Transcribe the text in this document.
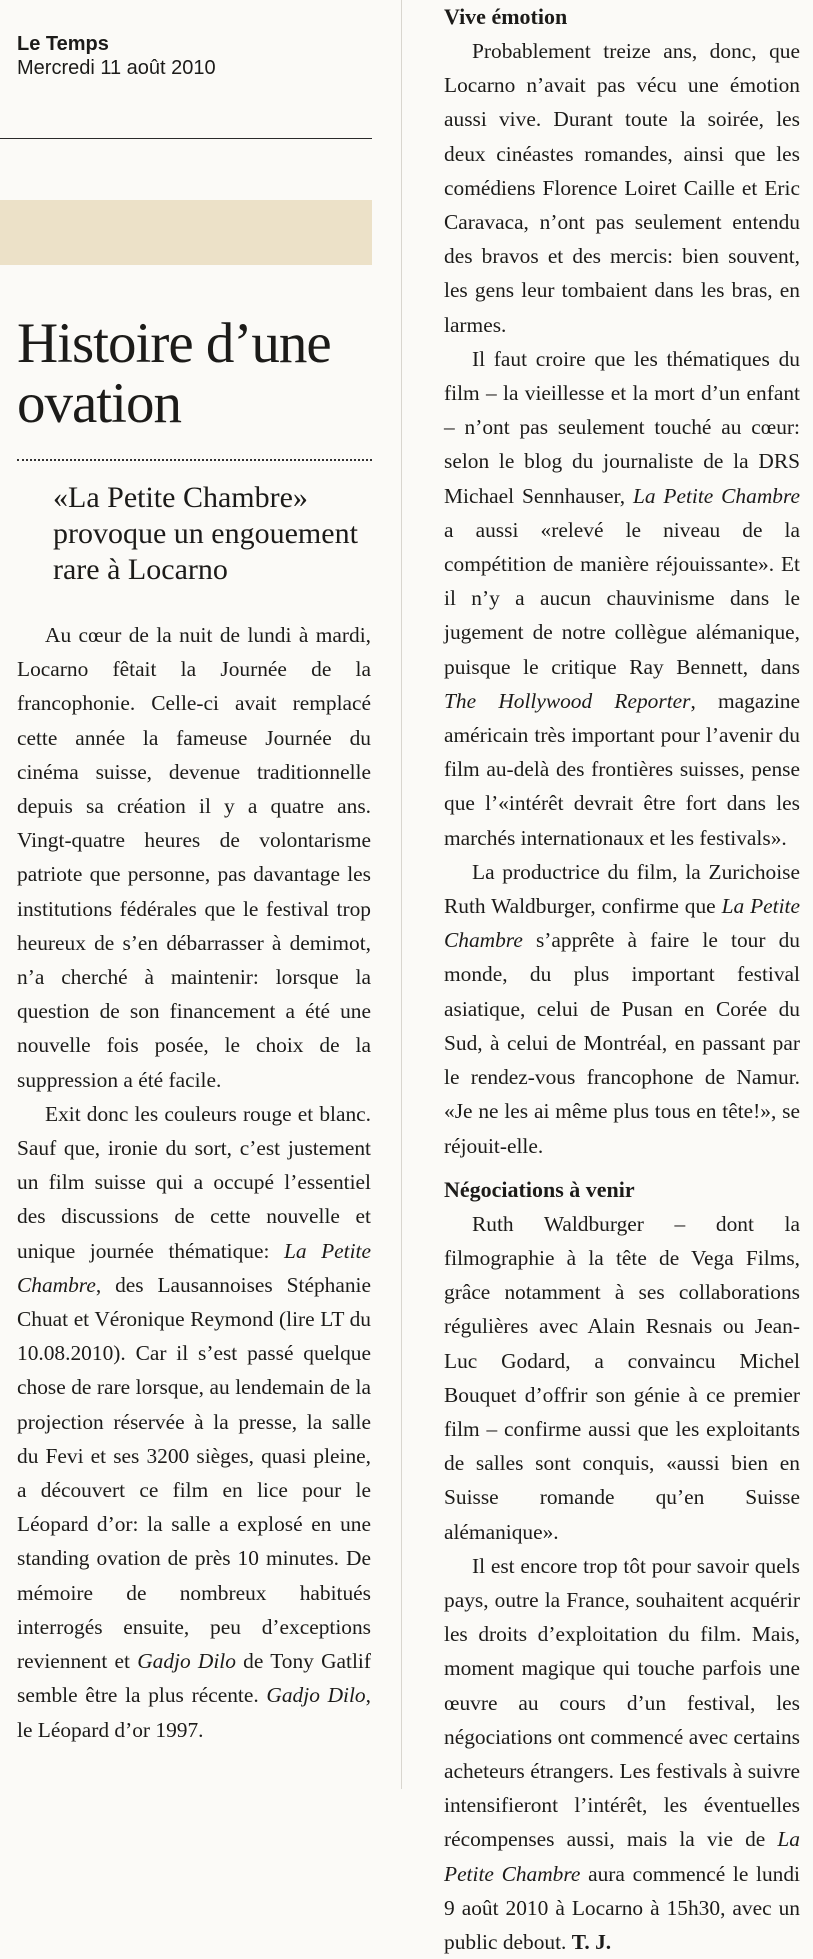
Le Temps
Mercredi 11 août 2010
Histoire d’une ovation
«La Petite Chambre» provoque un engouement rare à Locarno

Au cœur de la nuit de lundi à mardi, Locarno fêtait la Journée de la francophonie. Celle-ci avait remplacé cette année la fameuse Journée du cinéma suisse, devenue traditionnelle depuis sa création il y a quatre ans. Vingt-quatre heures de volontarisme patriote que personne, pas davantage les institutions fédérales que le festival trop heureux de s’en débarrasser à demimot, n’a cherché à maintenir: lorsque la question de son financement a été une nouvelle fois posée, le choix de la suppression a été facile.

Exit donc les couleurs rouge et blanc. Sauf que, ironie du sort, c’est justement un film suisse qui a occupé l’essentiel des discussions de cette nouvelle et unique journée thématique: La Petite Chambre, des Lausannoises Stéphanie Chuat et Véronique Reymond (lire LT du 10.08.2010). Car il s’est passé quelque chose de rare lorsque, au lendemain de la projection réservée à la presse, la salle du Fevi et ses 3200 sièges, quasi pleine, a découvert ce film en lice pour le Léopard d’or: la salle a explosé en une standing ovation de près 10 minutes. De mémoire de nombreux habitués interrogés ensuite, peu d’exceptions reviennent et Gadjo Dilo de Tony Gatlif semble être la plus récente. Gadjo Dilo, le Léopard d’or 1997.

Vive émotion

Probablement treize ans, donc, que Locarno n’avait pas vécu une émotion aussi vive. Durant toute la soirée, les deux cinéastes romandes, ainsi que les comédiens Florence Loiret Caille et Eric Caravaca, n’ont pas seulement entendu des bravos et des mercis: bien souvent, les gens leur tombaient dans les bras, en larmes.

Il faut croire que les thématiques du film – la vieillesse et la mort d’un enfant – n’ont pas seulement touché au cœur: selon le blog du journaliste de la DRS Michael Sennhauser, La Petite Chambre a aussi «relevé le niveau de la compétition de manière réjouissante». Et il n’y a aucun chauvinisme dans le jugement de notre collègue alémanique, puisque le critique Ray Bennett, dans The Hollywood Reporter, magazine américain très important pour l’avenir du film au-delà des frontières suisses, pense que l’«intérêt devrait être fort dans les marchés internationaux et les festivals».

La productrice du film, la Zurichoise Ruth Waldburger, confirme que La Petite Chambre s’apprête à faire le tour du monde, du plus important festival asiatique, celui de Pusan en Corée du Sud, à celui de Montréal, en passant par le rendez-vous francophone de Namur. «Je ne les ai même plus tous en tête!», se réjouit-elle.

Négociations à venir

Ruth Waldburger – dont la filmographie à la tête de Vega Films, grâce notamment à ses collaborations régulières avec Alain Resnais ou Jean-Luc Godard, a convaincu Michel Bouquet d’offrir son génie à ce premier film – confirme aussi que les exploitants de salles sont conquis, «aussi bien en Suisse romande qu’en Suisse alémanique».

Il est encore trop tôt pour savoir quels pays, outre la France, souhaitent acquérir les droits d’exploitation du film. Mais, moment magique qui touche parfois une œuvre au cours d’un festival, les négociations ont commencé avec certains acheteurs étrangers. Les festivals à suivre intensifieront l’intérêt, les éventuelles récompenses aussi, mais la vie de La Petite Chambre aura commencé le lundi 9 août 2010 à Locarno à 15h30, avec un public debout. T. J.
